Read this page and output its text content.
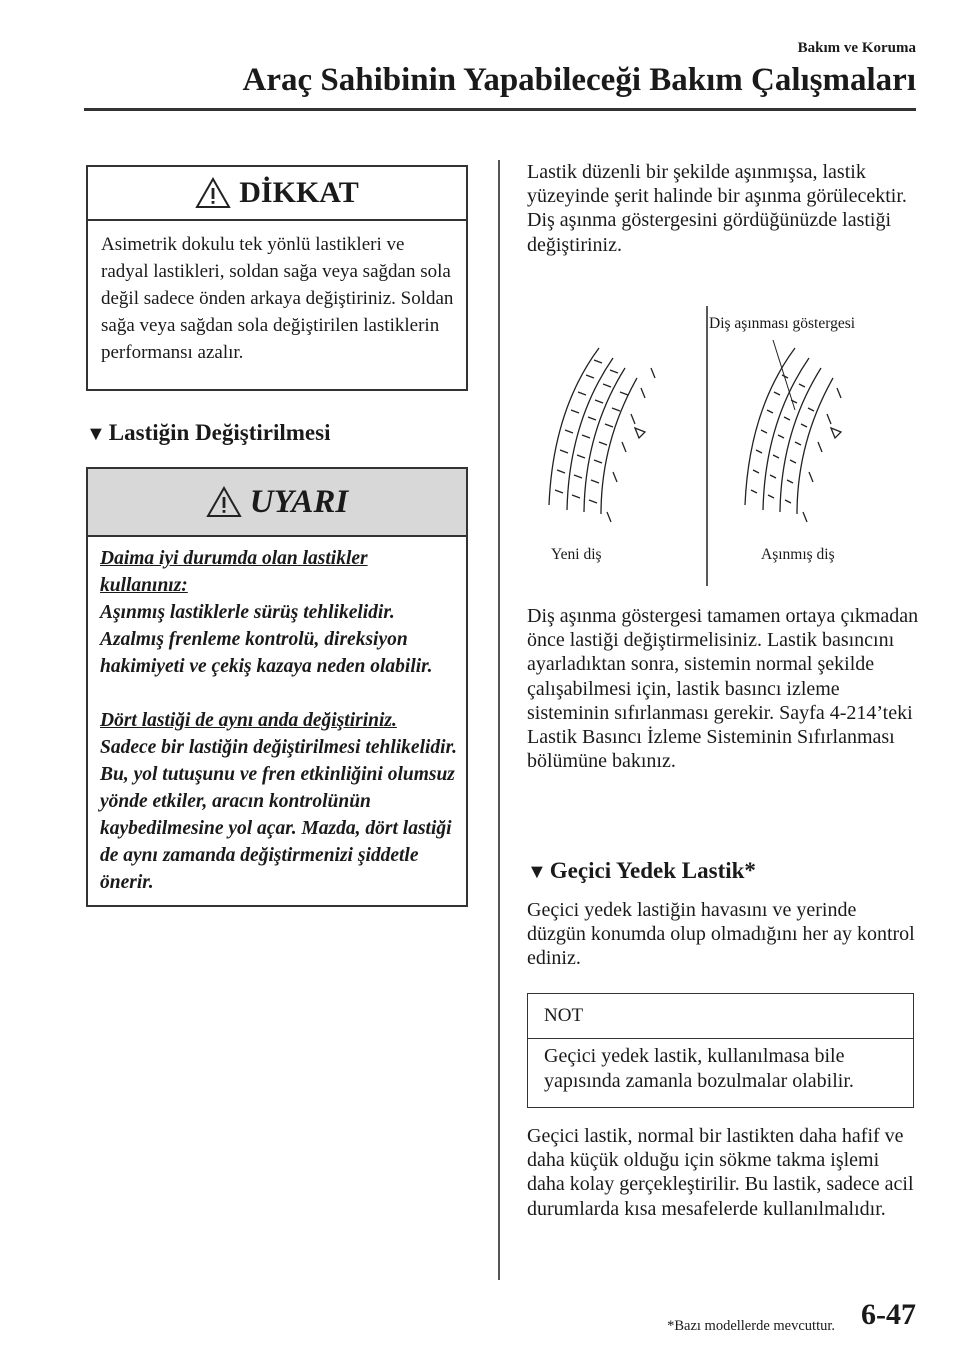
Bakım ve Koruma
Araç Sahibinin Yapabileceği Bakım Çalışmaları
DİKKAT
Asimetrik dokulu tek yönlü lastikleri ve radyal lastikleri, soldan sağa veya sağdan sola değil sadece önden arkaya değiştiriniz. Soldan sağa veya sağdan sola değiştirilen lastiklerin performansı azalır.
▼ Lastiğin Değiştirilmesi
UYARI
Daima iyi durumda olan lastikler kullanınız:
Aşınmış lastiklerle sürüş tehlikelidir. Azalmış frenleme kontrolü, direksiyon hakimiyeti ve çekiş kazaya neden olabilir.
Dört lastiği de aynı anda değiştiriniz.
Sadece bir lastiğin değiştirilmesi tehlikelidir. Bu, yol tutuşunu ve fren etkinliğini olumsuz yönde etkiler, aracın kontrolünün kaybedilmesine yol açar. Mazda, dört lastiği de aynı zamanda değiştirmenizi şiddetle önerir.
Lastik düzenli bir şekilde aşınmışsa, lastik yüzeyinde şerit halinde bir aşınma görülecektir. Diş aşınma göstergesini gördüğünüzde lastiği değiştiriniz.
Diş aşınması göstergesi
Yeni diş	Aşınmış diş
Diş aşınma göstergesi tamamen ortaya çıkmadan önce lastiği değiştirmelisiniz. Lastik basıncını ayarladıktan sonra, sistemin normal şekilde çalışabilmesi için, lastik basıncı izleme sisteminin sıfırlanması gerekir. Sayfa 4-214’teki Lastik Basıncı İzleme Sisteminin Sıfırlanması bölümüne bakınız.
▼ Geçici Yedek Lastik*
Geçici yedek lastiğin havasını ve yerinde düzgün konumda olup olmadığını her ay kontrol ediniz.
NOT
Geçici yedek lastik, kullanılmasa bile yapısında zamanla bozulmalar olabilir.
Geçici lastik, normal bir lastikten daha hafif ve daha küçük olduğu için sökme takma işlemi daha kolay gerçekleştirilir. Bu lastik, sadece acil durumlarda kısa mesafelerde kullanılmalıdır.
*Bazı modellerde mevcuttur. 6-47
